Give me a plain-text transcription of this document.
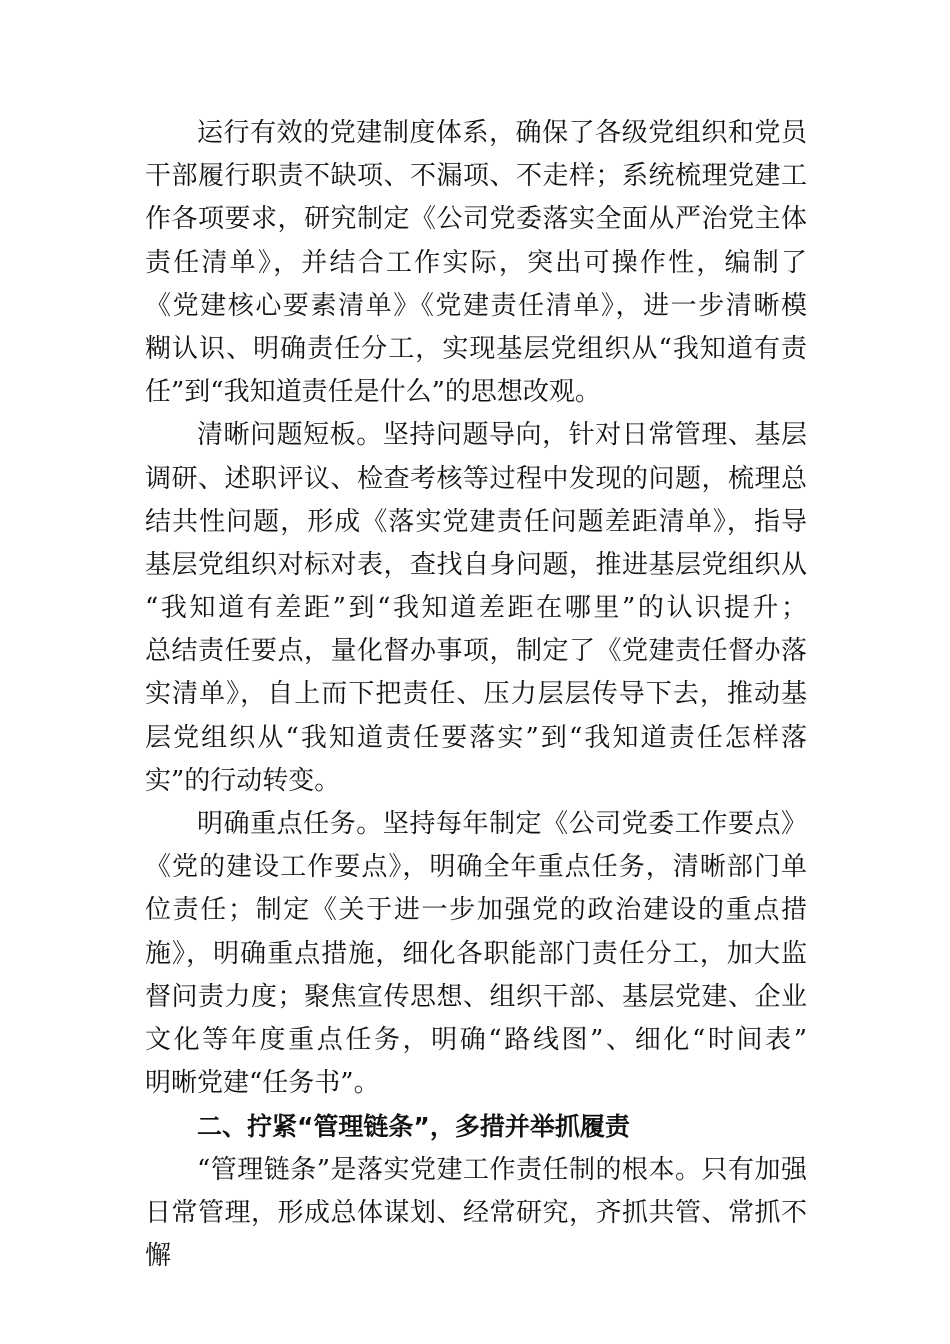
运行有效的党建制度体系，确保了各级党组织和党员
干部履行职责不缺项、不漏项、不走样；系统梳理党建工
作各项要求，研究制定《公司党委落实全面从严治党主体
责任清单》，并结合工作实际，突出可操作性，编制了
《党建核心要素清单》《党建责任清单》，进一步清晰模
糊认识、明确责任分工，实现基层党组织从“我知道有责
任”到“我知道责任是什么”的思想改观。
清晰问题短板。坚持问题导向，针对日常管理、基层
调研、述职评议、检查考核等过程中发现的问题，梳理总
结共性问题，形成《落实党建责任问题差距清单》，指导
基层党组织对标对表，查找自身问题，推进基层党组织从
“我知道有差距”到“我知道差距在哪里”的认识提升；
总结责任要点，量化督办事项，制定了《党建责任督办落
实清单》，自上而下把责任、压力层层传导下去，推动基
层党组织从“我知道责任要落实”到“我知道责任怎样落
实”的行动转变。
明确重点任务。坚持每年制定《公司党委工作要点》
《党的建设工作要点》，明确全年重点任务，清晰部门单
位责任；制定《关于进一步加强党的政治建设的重点措
施》，明确重点措施，细化各职能部门责任分工，加大监
督问责力度；聚焦宣传思想、组织干部、基层党建、企业
文化等年度重点任务，明确“路线图”、细化“时间表”
明晰党建“任务书”。
二、拧紧“管理链条”，多措并举抓履责
“管理链条”是落实党建工作责任制的根本。只有加强
日常管理，形成总体谋划、经常研究，齐抓共管、常抓不
懈
